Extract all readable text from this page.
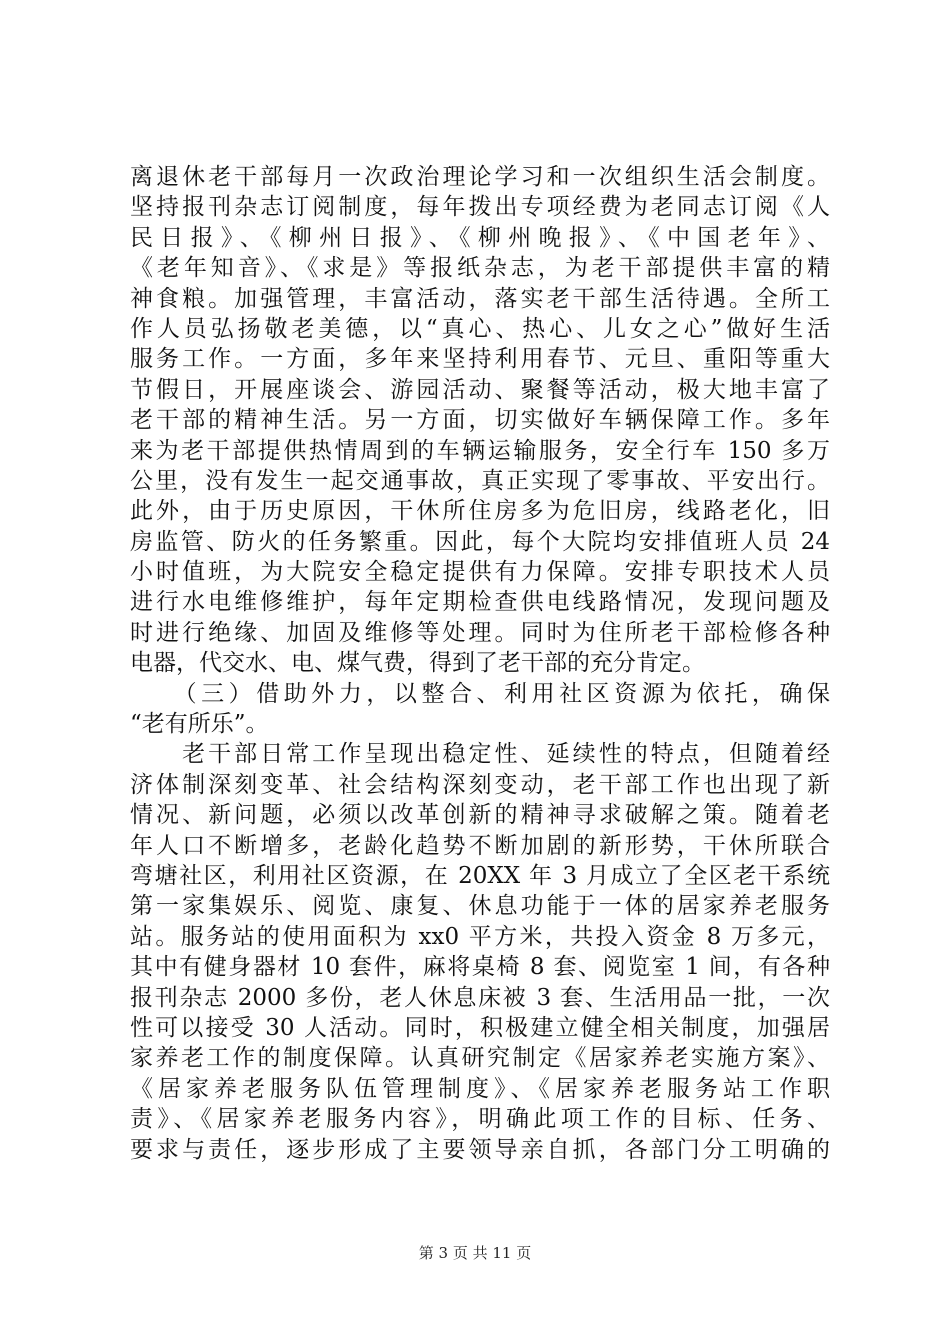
离退休老干部每月一次政治理论学习和一次组织生活会制度。
坚持报刊杂志订阅制度，每年拨出专项经费为老同志订阅《人
民日报》、《柳州日报》、《柳州晚报》、《中国老年》、
《老年知音》、《求是》等报纸杂志，为老干部提供丰富的精
神食粮。加强管理，丰富活动，落实老干部生活待遇。全所工
作人员弘扬敬老美德，以“真心、热心、儿女之心”做好生活
服务工作。一方面，多年来坚持利用春节、元旦、重阳等重大
节假日，开展座谈会、游园活动、聚餐等活动，极大地丰富了
老干部的精神生活。另一方面，切实做好车辆保障工作。多年
来为老干部提供热情周到的车辆运输服务，安全行车 150 多万
公里，没有发生一起交通事故，真正实现了零事故、平安出行。
此外，由于历史原因，干休所住房多为危旧房，线路老化，旧
房监管、防火的任务繁重。因此，每个大院均安排值班人员 24
小时值班，为大院安全稳定提供有力保障。安排专职技术人员
进行水电维修维护，每年定期检查供电线路情况，发现问题及
时进行绝缘、加固及维修等处理。同时为住所老干部检修各种
电器，代交水、电、煤气费，得到了老干部的充分肯定。
　　（三）借助外力，以整合、利用社区资源为依托，确保
“老有所乐”。
　　老干部日常工作呈现出稳定性、延续性的特点，但随着经
济体制深刻变革、社会结构深刻变动，老干部工作也出现了新
情况、新问题，必须以改革创新的精神寻求破解之策。随着老
年人口不断增多，老龄化趋势不断加剧的新形势，干休所联合
弯塘社区，利用社区资源，在 20XX 年 3 月成立了全区老干系统
第一家集娱乐、阅览、康复、休息功能于一体的居家养老服务
站。服务站的使用面积为 xx0 平方米，共投入资金 8 万多元，
其中有健身器材 10 套件，麻将桌椅 8 套、阅览室 1 间，有各种
报刊杂志 2000 多份，老人休息床被 3 套、生活用品一批，一次
性可以接受 30 人活动。同时，积极建立健全相关制度，加强居
家养老工作的制度保障。认真研究制定《居家养老实施方案》、
《居家养老服务队伍管理制度》、《居家养老服务站工作职
责》、《居家养老服务内容》，明确此项工作的目标、任务、
要求与责任，逐步形成了主要领导亲自抓，各部门分工明确的
第 3 页 共 11 页
